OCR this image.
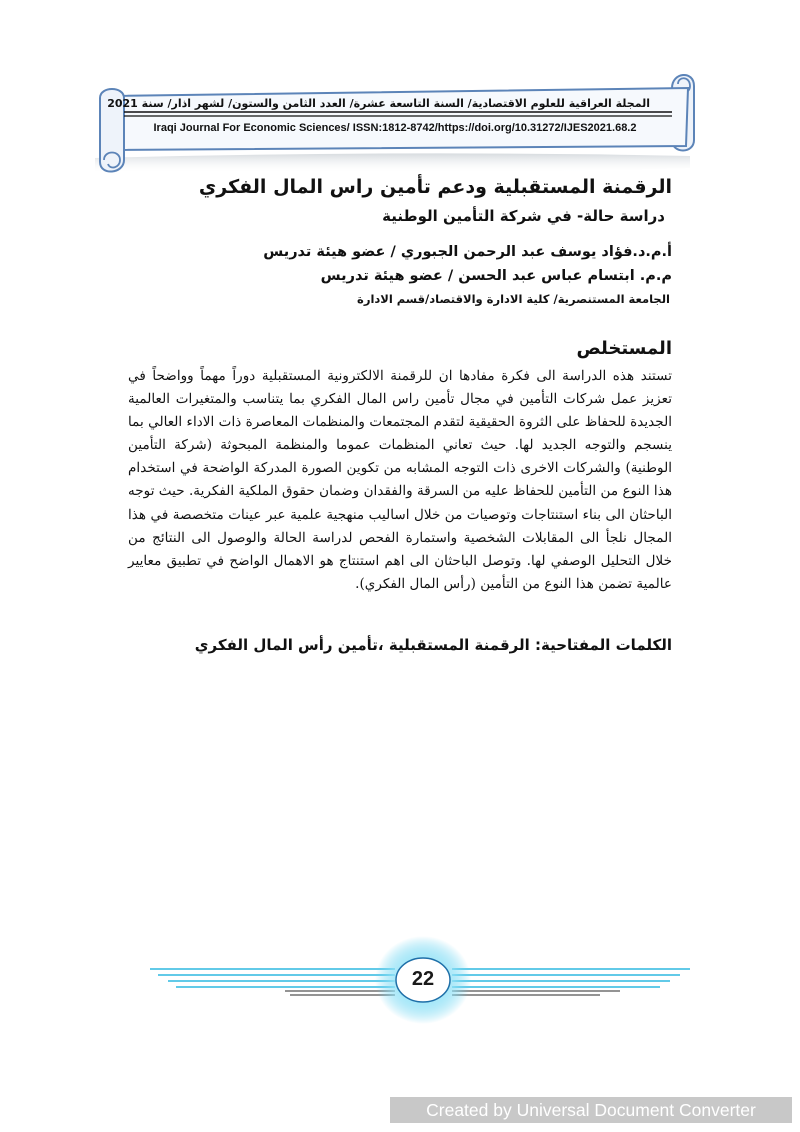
المجلة العراقية للعلوم الاقتصادية/ السنة التاسعة عشرة/ العدد الثامن والستون/ لشهر اذار/ سنة 2021
Iraqi Journal For Economic Sciences/ ISSN:1812-8742/https://doi.org/10.31272/IJES2021.68.2
الرقمنة المستقبلية ودعم تأمين راس المال الفكري
دراسة حالة- في شركة التأمين الوطنية
أ.م.د.فؤاد يوسف عبد الرحمن الجبوري / عضو هيئة تدريس
م.م. ابتسام عباس عبد الحسن / عضو هيئة تدريس
الجامعة المستنصرية/ كلية الادارة والاقتصاد/قسم الادارة
المستخلص
تستند هذه الدراسة الى فكرة مفادها ان للرقمنة الالكترونية المستقبلية دوراً مهماً وواضحاً في تعزيز عمل شركات التأمين في مجال تأمين راس المال الفكري بما يتناسب والمتغيرات العالمية الجديدة للحفاظ على الثروة الحقيقية لتقدم المجتمعات والمنظمات المعاصرة ذات الاداء العالي بما ينسجم والتوجه الجديد لها. حيث تعاني المنظمات عموما والمنظمة المبحوثة (شركة التأمين الوطنية) والشركات الاخرى ذات التوجه المشابه من تكوين الصورة المدركة الواضحة في استخدام هذا النوع من التأمين للحفاظ عليه من السرقة والفقدان وضمان حقوق الملكية الفكرية. حيث توجه الباحثان الى بناء استنتاجات وتوصيات من خلال اساليب منهجية علمية عبر عينات متخصصة في هذا المجال نلجأ الى المقابلات الشخصية واستمارة الفحص لدراسة الحالة والوصول الى النتائج من خلال التحليل الوصفي لها. وتوصل الباحثان الى اهم استنتاج هو الاهمال الواضح في تطبيق معايير عالمية تضمن هذا النوع من التأمين (رأس المال الفكري).
الكلمات المفتاحية: الرقمنة المستقبلية ،تأمين رأس المال الفكري
22
Created by Universal Document Converter
